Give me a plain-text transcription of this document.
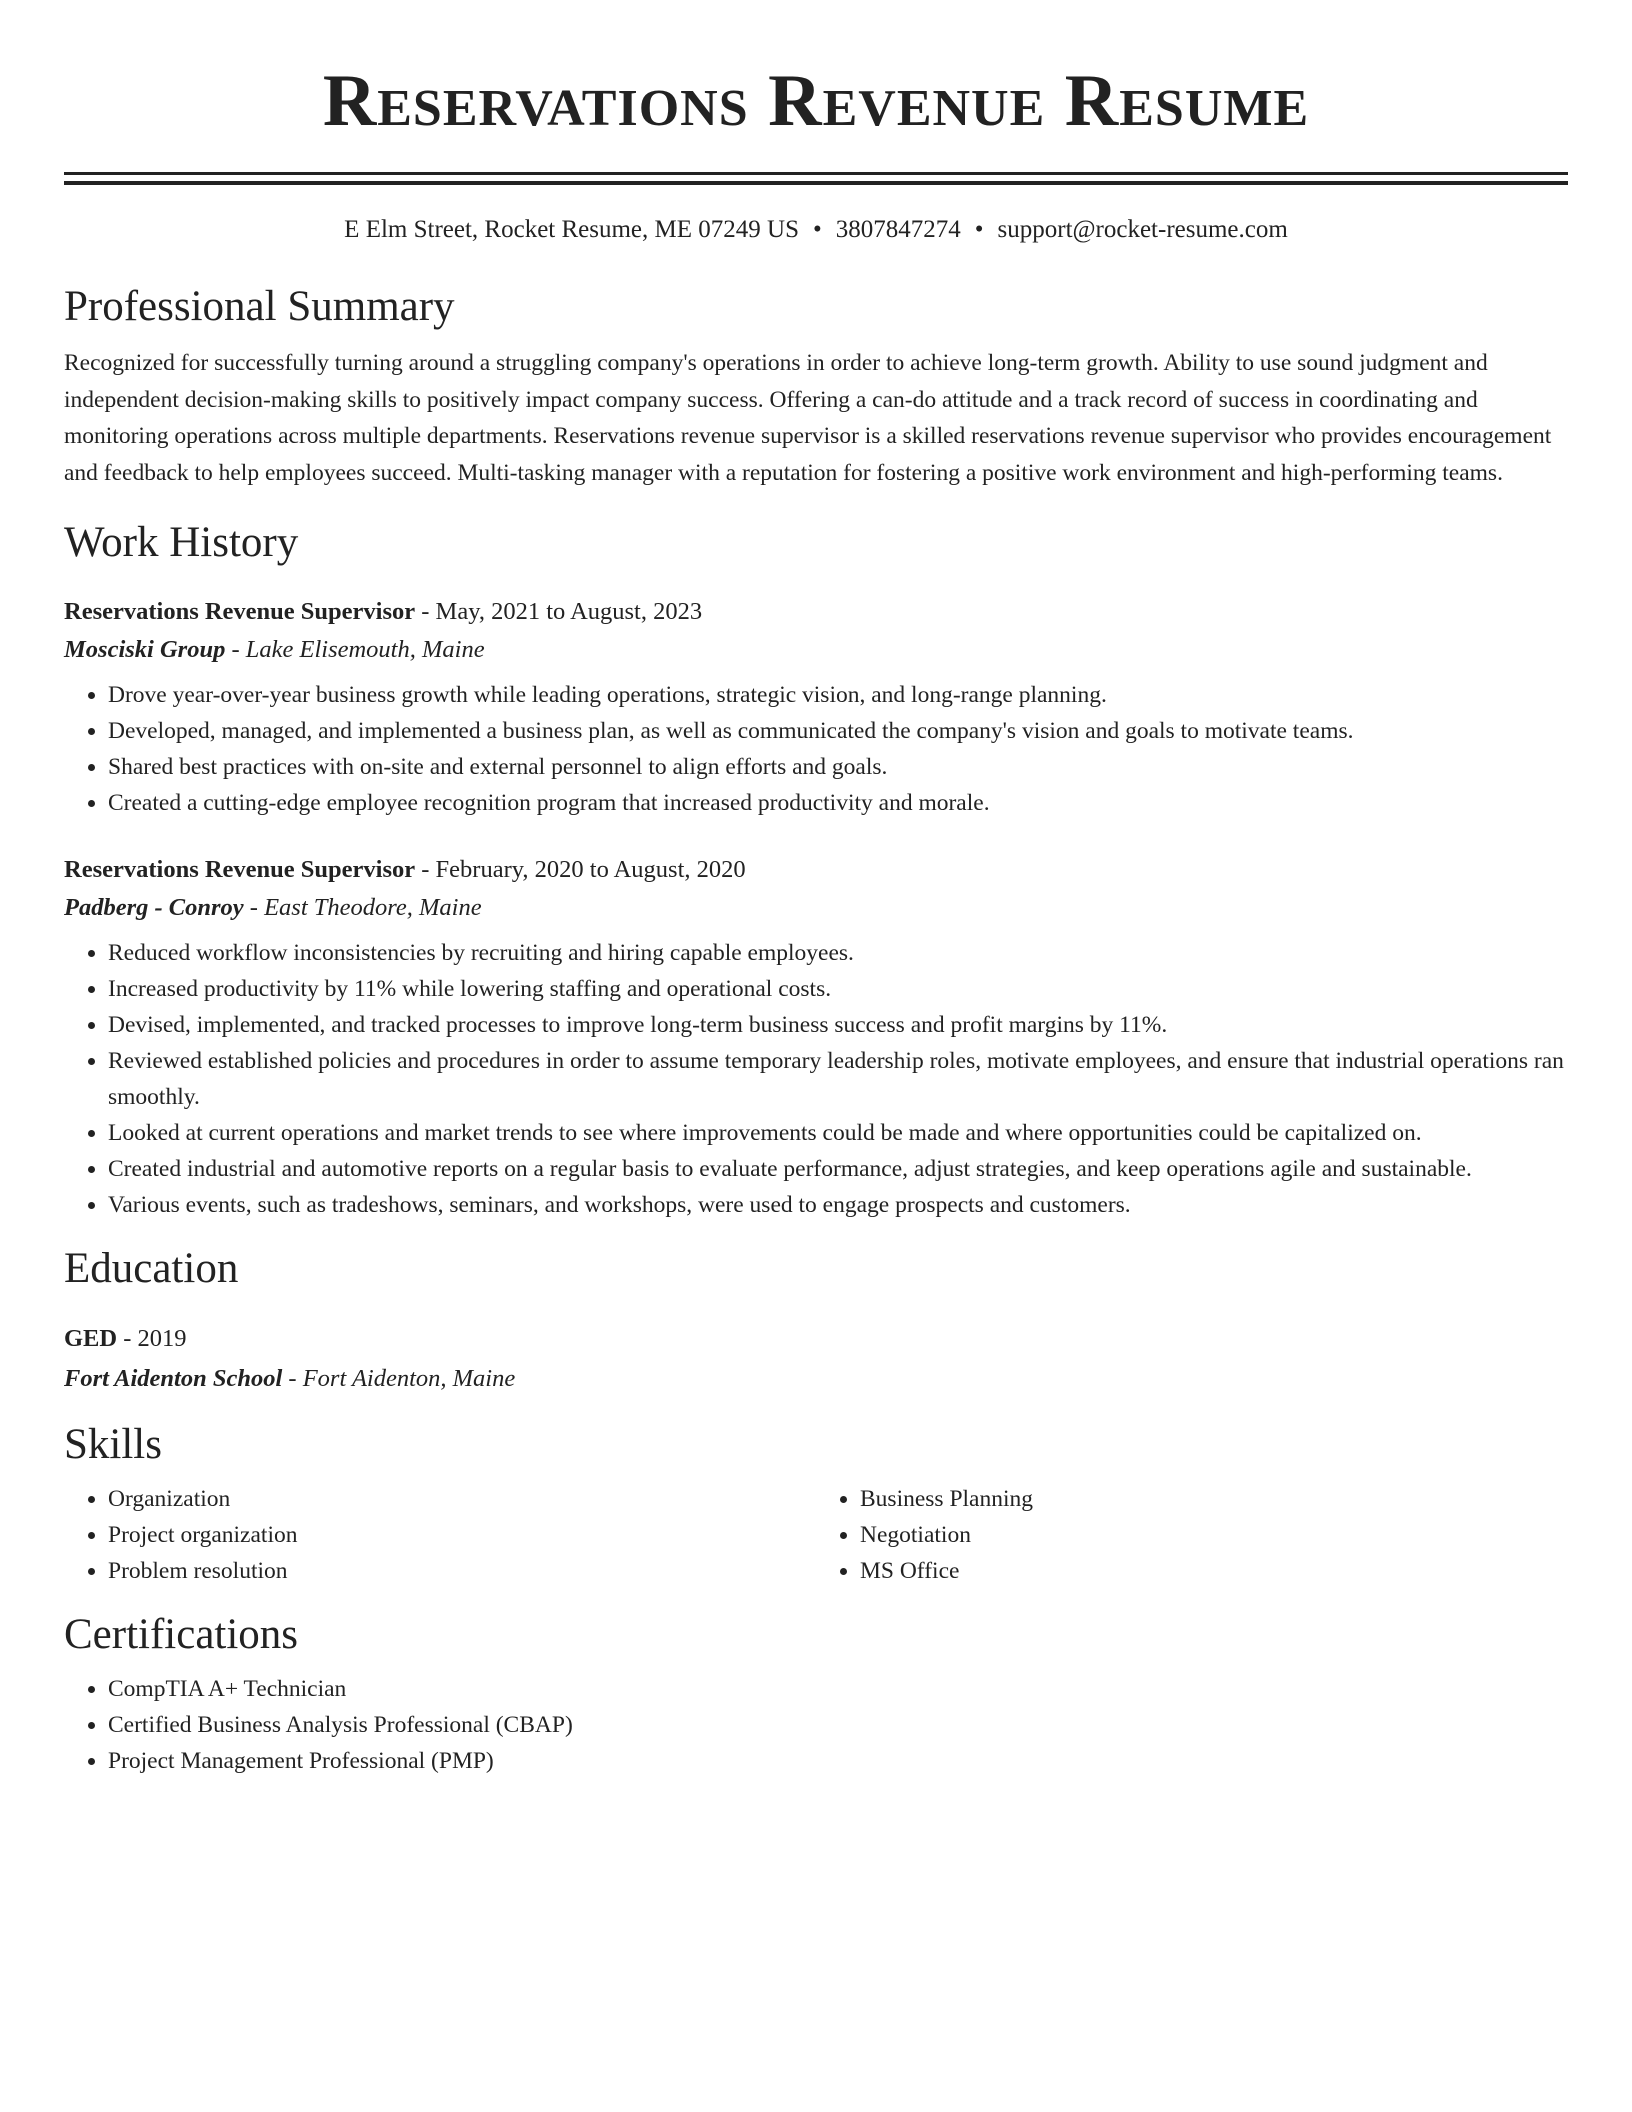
Reservations Revenue Resume
E Elm Street, Rocket Resume, ME 07249 US • 3807847274 • support@rocket-resume.com
Professional Summary

Recognized for successfully turning around a struggling company's operations in order to achieve long-term growth. Ability to use sound judgment and independent decision-making skills to positively impact company success. Offering a can-do attitude and a track record of success in coordinating and monitoring operations across multiple departments. Reservations revenue supervisor is a skilled reservations revenue supervisor who provides encouragement and feedback to help employees succeed. Multi-tasking manager with a reputation for fostering a positive work environment and high-performing teams.

Work History
Reservations Revenue Supervisor - May, 2021 to August, 2023
Mosciski Group - Lake Elisemouth, Maine
• Drove year-over-year business growth while leading operations, strategic vision, and long-range planning.
• Developed, managed, and implemented a business plan, as well as communicated the company's vision and goals to motivate teams.
• Shared best practices with on-site and external personnel to align efforts and goals.
• Created a cutting-edge employee recognition program that increased productivity and morale.
Reservations Revenue Supervisor - February, 2020 to August, 2020
Padberg - Conroy - East Theodore, Maine
• Reduced workflow inconsistencies by recruiting and hiring capable employees.
• Increased productivity by 11% while lowering staffing and operational costs.
• Devised, implemented, and tracked processes to improve long-term business success and profit margins by 11%.
• Reviewed established policies and procedures in order to assume temporary leadership roles, motivate employees, and ensure that industrial operations ran smoothly.
• Looked at current operations and market trends to see where improvements could be made and where opportunities could be capitalized on.
• Created industrial and automotive reports on a regular basis to evaluate performance, adjust strategies, and keep operations agile and sustainable.
• Various events, such as tradeshows, seminars, and workshops, were used to engage prospects and customers.
Education
GED - 2019
Fort Aidenton School - Fort Aidenton, Maine
Skills
• Organization
• Project organization
• Problem resolution
• Business Planning
• Negotiation
• MS Office
Certifications
• CompTIA A+ Technician
• Certified Business Analysis Professional (CBAP)
• Project Management Professional (PMP)
